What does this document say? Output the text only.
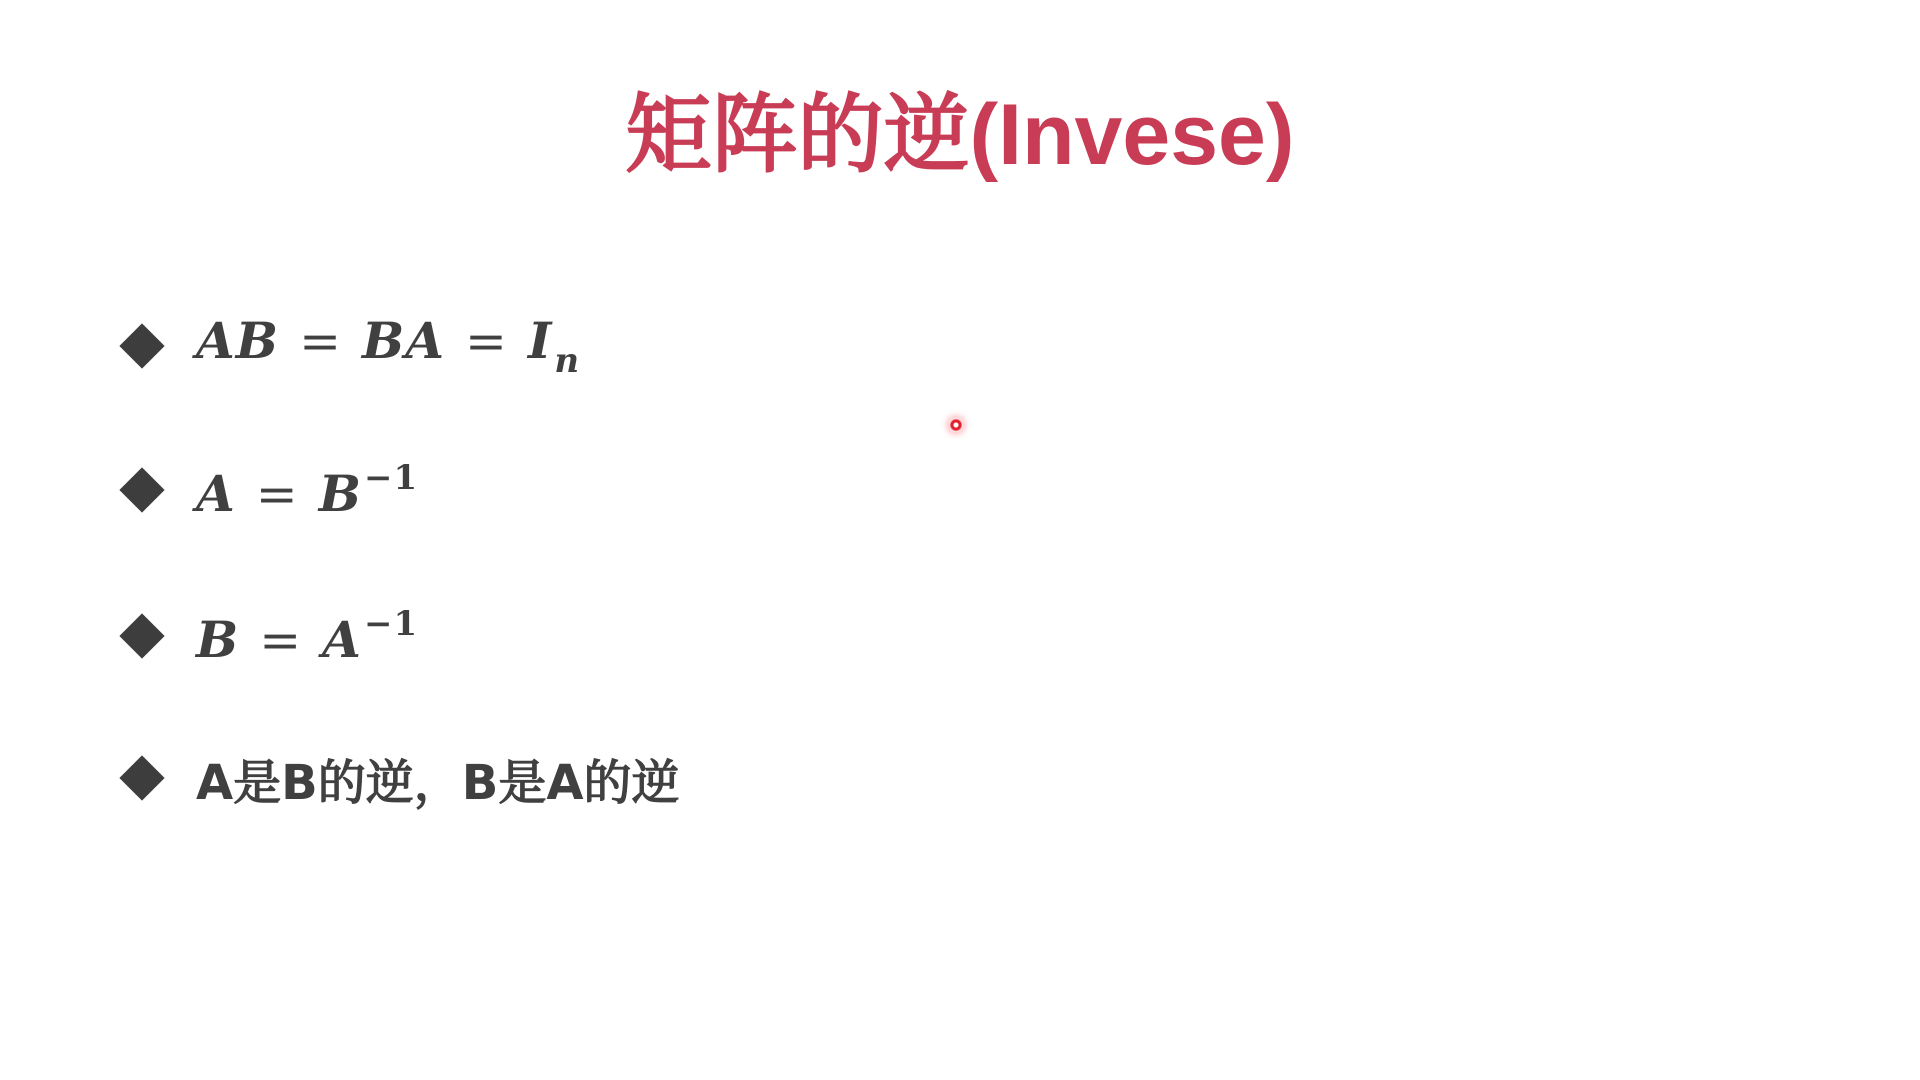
矩阵的逆(Invese)
AB = BA = $I_n$
$A = B^{-1}$
$B = A^{-1}$
A是B的逆，B是A的逆
